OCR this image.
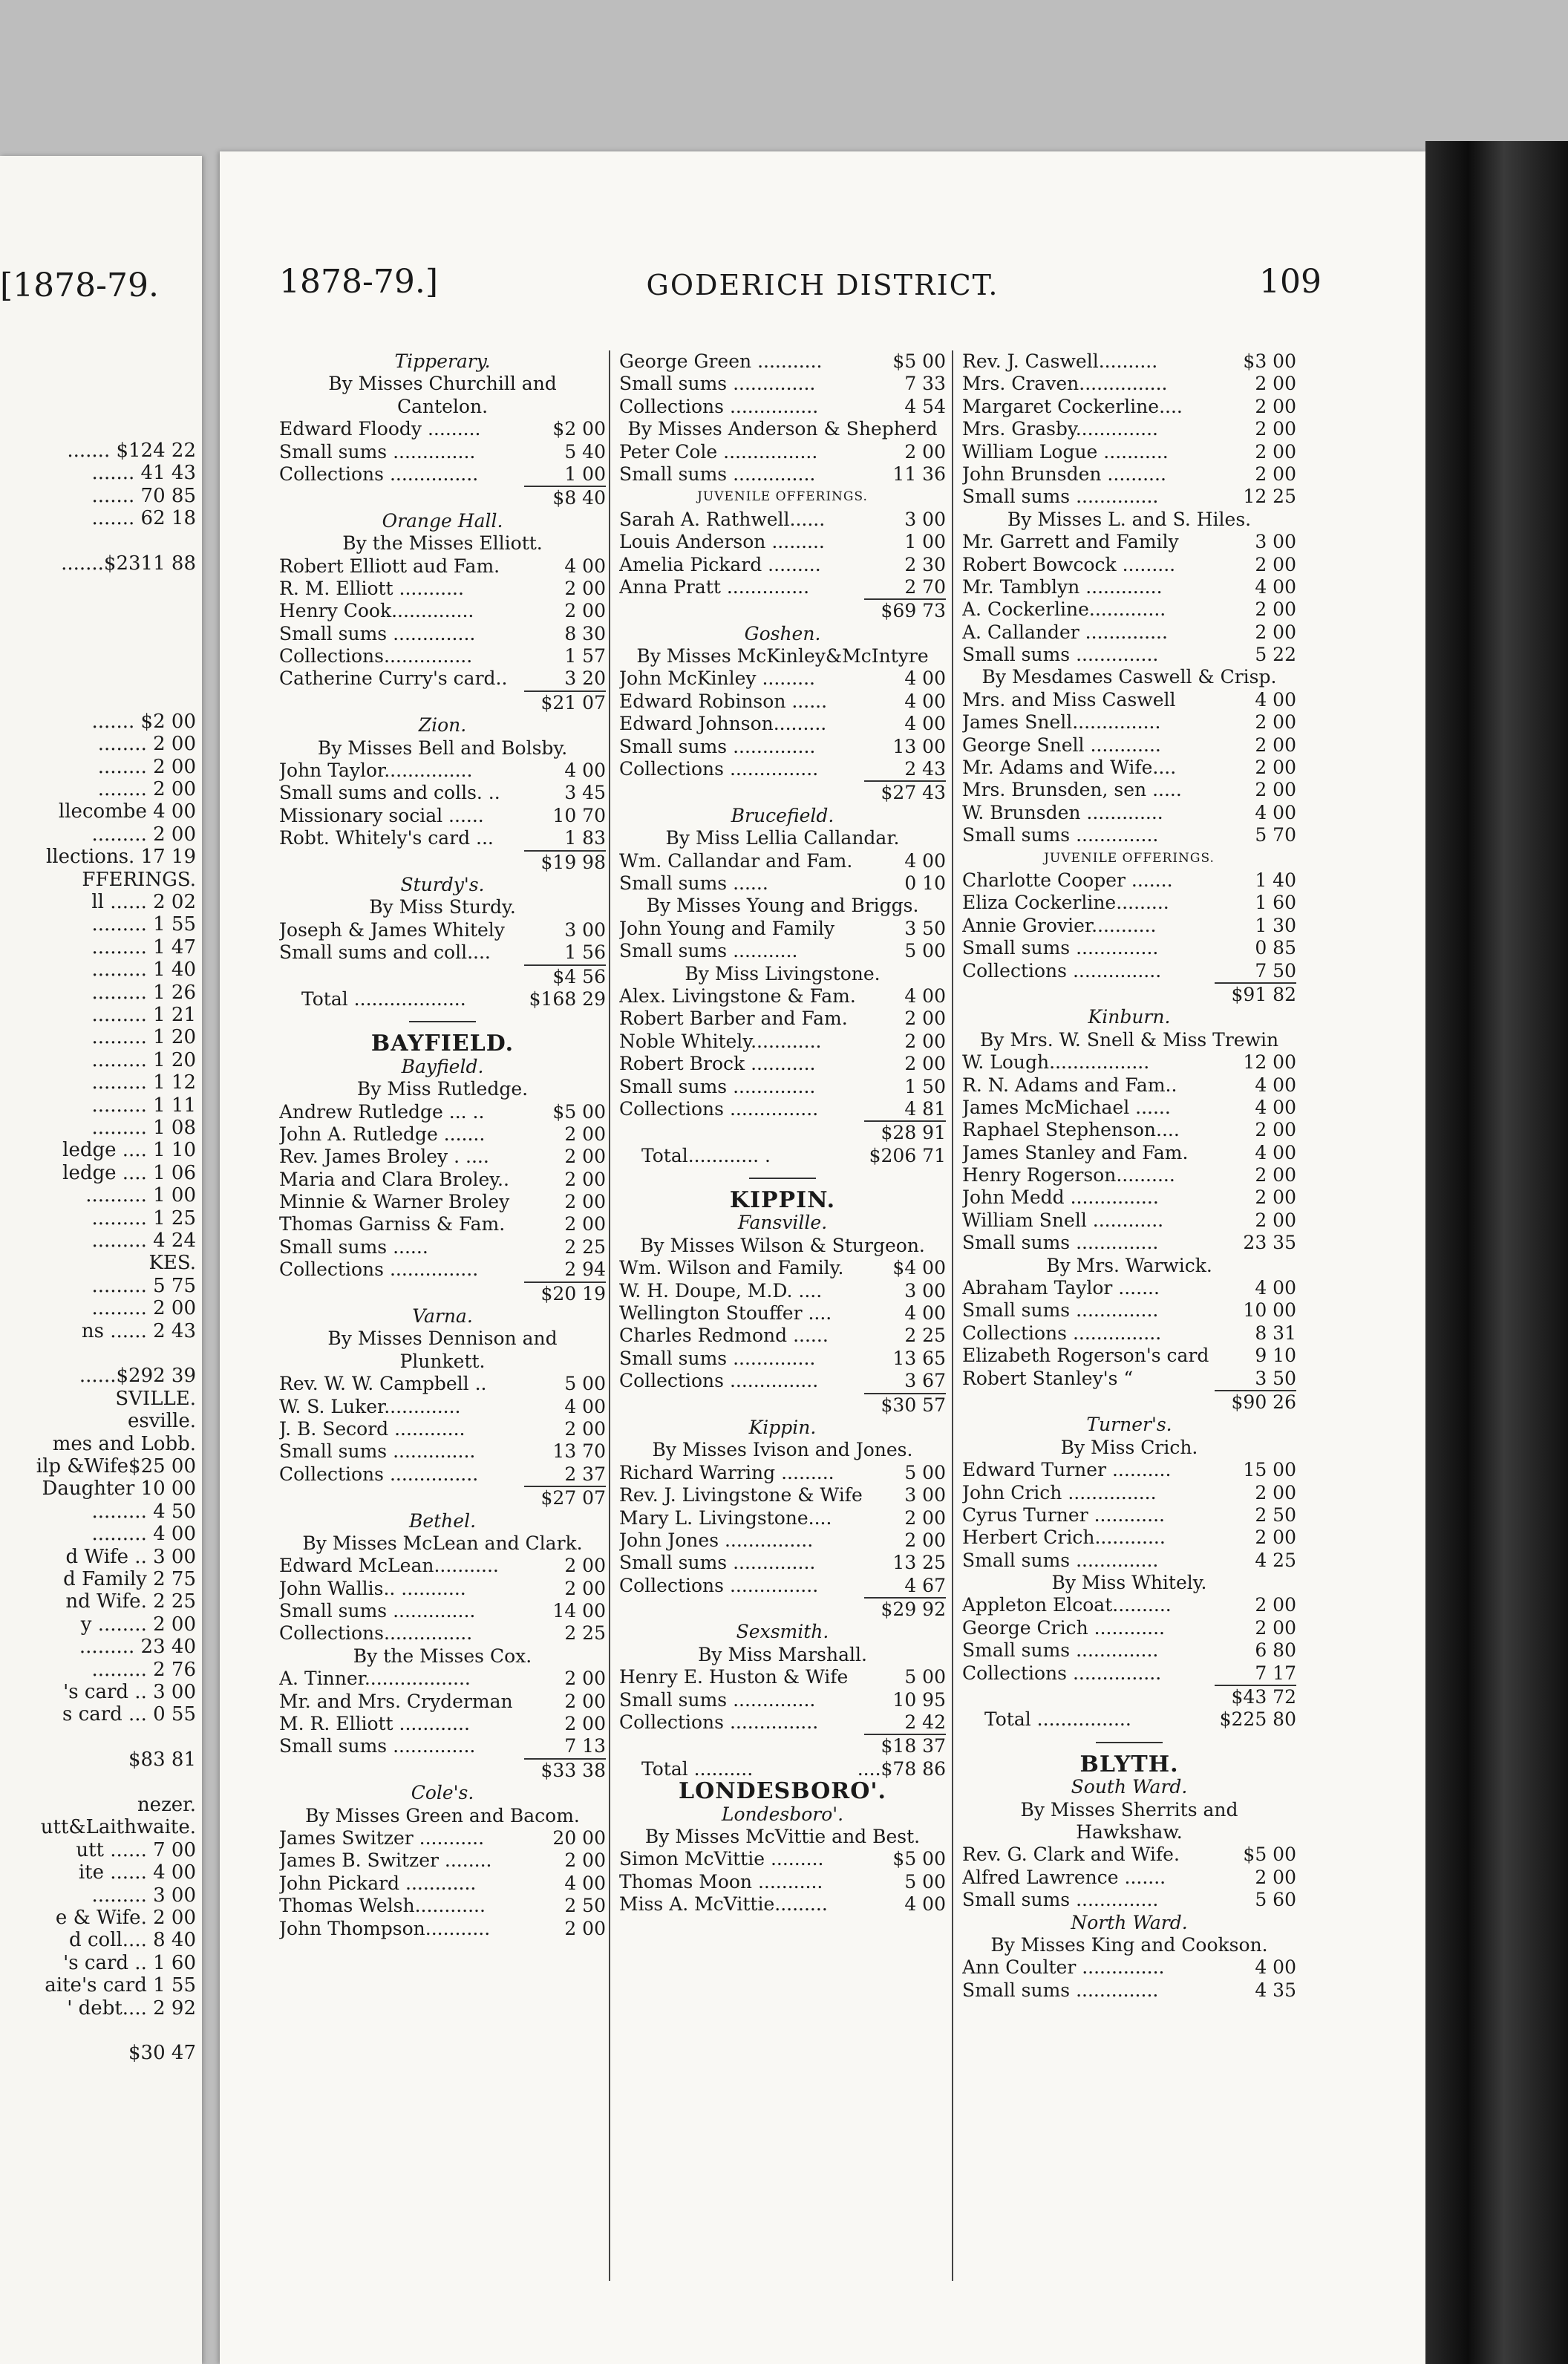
[1878-79.
....... $124 22
....... 41 43
....... 70 85
....... 62 18
.......$2311 88
....... $2 00
........ 2 00
........ 2 00
........ 2 00
llecombe 4 00
......... 2 00
llections. 17 19
FFERINGS.
ll ...... 2 02
......... 1 55
......... 1 47
......... 1 40
......... 1 26
......... 1 21
......... 1 20
......... 1 20
......... 1 12
......... 1 11
......... 1 08
ledge .... 1 10
ledge .... 1 06
.......... 1 00
......... 1 25
......... 4 24
KES.
......... 5 75
......... 2 00
ns ...... 2 43
......$292 39
SVILLE.
esville.
mes and Lobb.
ilp &Wife$25 00
Daughter 10 00
......... 4 50
......... 4 00
d Wife .. 3 00
d Family 2 75
nd Wife. 2 25
y ........ 2 00
......... 23 40
......... 2 76
's card .. 3 00
s card ... 0 55
$83 81
nezer.
utt&Laithwaite.
utt ...... 7 00
ite ...... 4 00
......... 3 00
e & Wife. 2 00
d coll.... 8 40
's card .. 1 60
aite's card 1 55
' debt.... 2 92
$30 47
1878-79.]	GODERICH DISTRICT.	109
Tipperary.
By Misses Churchill and
Cantelon.
Edward Floody .........	$2 00
Small sums ..............	5 40
Collections ...............	1 00
$8 40
Orange Hall.
By the Misses Elliott.
Robert Elliott aud Fam.	4 00
R. M. Elliott ...........	2 00
Henry Cook..............	2 00
Small sums ..............	8 30
Collections...............	1 57
Catherine Curry's card..	3 20
$21 07
Zion.
By Misses Bell and Bolsby.
John Taylor...............	4 00
Small sums and colls. ..	3 45
Missionary social ......	10 70
Robt. Whitely's card ...	1 83
$19 98
Sturdy's.
By Miss Sturdy.
Joseph & James Whitely	3 00
Small sums and coll....	1 56
$4 56
Total ...................	$168 29
BAYFIELD.
Bayfield.
By Miss Rutledge.
Andrew Rutledge ... ..	$5 00
John A. Rutledge .......	2 00
Rev. James Broley . ....	2 00
Maria and Clara Broley..	2 00
Minnie & Warner Broley	2 00
Thomas Garniss & Fam.	2 00
Small sums ......	2 25
Collections ...............	2 94
$20 19
Varna.
By Misses Dennison and
Plunkett.
Rev. W. W. Campbell ..	5 00
W. S. Luker.............	4 00
J. B. Secord ............	2 00
Small sums ..............	13 70
Collections ...............	2 37
$27 07
Bethel.
By Misses McLean and Clark.
Edward McLean...........	2 00
John Wallis.. ...........	2 00
Small sums ..............	14 00
Collections...............	2 25
By the Misses Cox.
A. Tinner..................	2 00
Mr. and Mrs. Cryderman	2 00
M. R. Elliott ............	2 00
Small sums ..............	7 13
$33 38
Cole's.
By Misses Green and Bacom.
James Switzer ...........	20 00
James B. Switzer ........	2 00
John Pickard ............	4 00
Thomas Welsh............	2 50
John Thompson...........	2 00
George Green ...........	$5 00
Small sums ..............	7 33
Collections ...............	4 54
By Misses Anderson & Shepherd
Peter Cole ................	2 00
Small sums ..............	11 36
JUVENILE OFFERINGS.
Sarah A. Rathwell......	3 00
Louis Anderson .........	1 00
Amelia Pickard .........	2 30
Anna Pratt ..............	2 70
$69 73
Goshen.
By Misses McKinley&McIntyre
John McKinley .........	4 00
Edward Robinson ......	4 00
Edward Johnson.........	4 00
Small sums ..............	13 00
Collections ...............	2 43
$27 43
Brucefield.
By Miss Lellia Callandar.
Wm. Callandar and Fam.	4 00
Small sums ......	0 10
By Misses Young and Briggs.
John Young and Family	3 50
Small sums ...........	5 00
By Miss Livingstone.
Alex. Livingstone & Fam.	4 00
Robert Barber and Fam.	2 00
Noble Whitely............	2 00
Robert Brock ...........	2 00
Small sums ..............	1 50
Collections ...............	4 81
$28 91
Total............ .	$206 71
KIPPIN.
Fansville.
By Misses Wilson & Sturgeon.
Wm. Wilson and Family.	$4 00
W. H. Doupe, M.D. ....	3 00
Wellington Stouffer ....	4 00
Charles Redmond ......	2 25
Small sums ..............	13 65
Collections ...............	3 67
$30 57
Kippin.
By Misses Ivison and Jones.
Richard Warring .........	5 00
Rev. J. Livingstone & Wife	3 00
Mary L. Livingstone....	2 00
John Jones ...............	2 00
Small sums ..............	13 25
Collections ...............	4 67
$29 92
Sexsmith.
By Miss Marshall.
Henry E. Huston & Wife	5 00
Small sums ..............	10 95
Collections ...............	2 42
$18 37
Total ..........	....$78 86
LONDESBORO'.
Londesboro'.
By Misses McVittie and Best.
Simon McVittie .........	$5 00
Thomas Moon ...........	5 00
Miss A. McVittie.........	4 00
Rev. J. Caswell..........	$3 00
Mrs. Craven...............	2 00
Margaret Cockerline....	2 00
Mrs. Grasby..............	2 00
William Logue ...........	2 00
John Brunsden ..........	2 00
Small sums ..............	12 25
By Misses L. and S. Hiles.
Mr. Garrett and Family	3 00
Robert Bowcock .........	2 00
Mr. Tamblyn .............	4 00
A. Cockerline.............	2 00
A. Callander ..............	2 00
Small sums ..............	5 22
By Mesdames Caswell & Crisp.
Mrs. and Miss Caswell	4 00
James Snell...............	2 00
George Snell ............	2 00
Mr. Adams and Wife....	2 00
Mrs. Brunsden, sen .....	2 00
W. Brunsden .............	4 00
Small sums ..............	5 70
JUVENILE OFFERINGS.
Charlotte Cooper .......	1 40
Eliza Cockerline.........	1 60
Annie Grovier...........	1 30
Small sums ..............	0 85
Collections ...............	7 50
$91 82
Kinburn.
By Mrs. W. Snell & Miss Trewin
W. Lough.................	12 00
R. N. Adams and Fam..	4 00
James McMichael ......	4 00
Raphael Stephenson....	2 00
James Stanley and Fam.	4 00
Henry Rogerson..........	2 00
John Medd ...............	2 00
William Snell ............	2 00
Small sums ..............	23 35
By Mrs. Warwick.
Abraham Taylor .......	4 00
Small sums ..............	10 00
Collections ...............	8 31
Elizabeth Rogerson's card	9 10
Robert Stanley's “	3 50
$90 26
Turner's.
By Miss Crich.
Edward Turner ..........	15 00
John Crich ...............	2 00
Cyrus Turner ............	2 50
Herbert Crich............	2 00
Small sums ..............	4 25
By Miss Whitely.
Appleton Elcoat..........	2 00
George Crich ............	2 00
Small sums ..............	6 80
Collections ...............	7 17
$43 72
Total ................	$225 80
BLYTH.
South Ward.
By Misses Sherrits and
Hawkshaw.
Rev. G. Clark and Wife.	$5 00
Alfred Lawrence .......	2 00
Small sums ..............	5 60
North Ward.
By Misses King and Cookson.
Ann Coulter ..............	4 00
Small sums ..............	4 35
